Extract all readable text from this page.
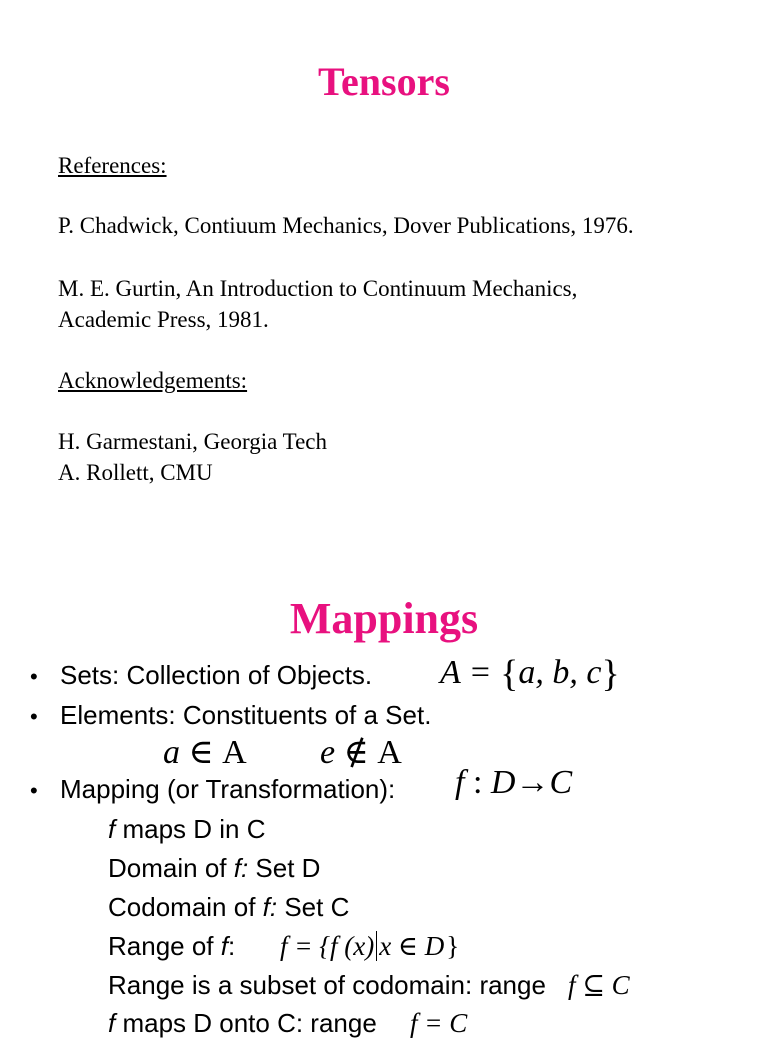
Tensors
References:
P. Chadwick, Contiuum Mechanics, Dover Publications, 1976.
M. E. Gurtin, An Introduction to Continuum Mechanics,
Academic Press, 1981.
Acknowledgements:
H. Garmestani, Georgia Tech
A. Rollett, CMU
Mappings
• Sets: Collection of Objects. A = {a, b, c}
• Elements: Constituents of a Set.
a ∈ A e ∉ A
• Mapping (or Transformation): f : D→C
f maps D in C
Domain of f: Set D
Codomain of f: Set C
Range of f: f = {f (x) x ∈ D}
Range is a subset of codomain: range f ⊆ C
f maps D onto C: range f = C
